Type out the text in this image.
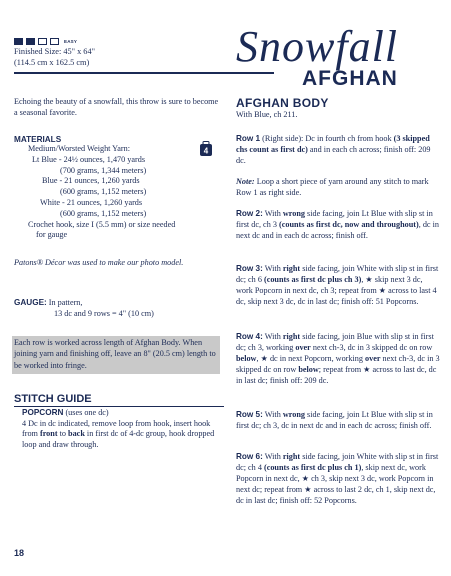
EASY
Finished Size: 45" x 64"
(114.5 cm x 162.5 cm)	Snowfall
AFGHAN
Echoing the beauty of a snowfall, this throw is sure to become a seasonal favorite.
MATERIALS
Medium/Worsted Weight Yarn:
Lt Blue - 24½ ounces, 1,470 yards
(700 grams, 1,344 meters)
Blue - 21 ounces, 1,260 yards
(600 grams, 1,152 meters)
White - 21 ounces, 1,260 yards
(600 grams, 1,152 meters)
Crochet hook, size I (5.5 mm) or size needed
for gauge
4
Patons® Décor was used to make our photo model.
GAUGE: In pattern,
13 dc and 9 rows = 4" (10 cm)
Each row is worked across length of Afghan Body. When joining yarn and finishing off, leave an 8" (20.5 cm) length to be worked into fringe.
STITCH GUIDE
POPCORN (uses one dc)
4 Dc in dc indicated, remove loop from hook, insert hook from front to back in first dc of 4-dc group, hook dropped loop and draw through.
18
AFGHAN BODY
With Blue, ch 211.
Row 1 (Right side): Dc in fourth ch from hook (3 skipped chs count as first dc) and in each ch across; finish off: 209 dc.
Note: Loop a short piece of yarn around any stitch to mark Row 1 as right side.
Row 2: With wrong side facing, join Lt Blue with slip st in first dc, ch 3 (counts as first dc, now and throughout), dc in next dc and in each dc across; finish off.
Row 3: With right side facing, join White with slip st in first dc; ch 6 (counts as first dc plus ch 3), ★ skip next 3 dc, work Popcorn in next dc, ch 3; repeat from ★ across to last 4 dc, skip next 3 dc, dc in last dc; finish off: 51 Popcorns.
Row 4: With right side facing, join Blue with slip st in first dc; ch 3, working over next ch-3, dc in 3 skipped dc on row below, ★ dc in next Popcorn, working over next ch-3, dc in 3 skipped dc on row below; repeat from ★ across to last dc, dc in last dc; finish off: 209 dc.
Row 5: With wrong side facing, join Lt Blue with slip st in first dc; ch 3, dc in next dc and in each dc across; finish off.
Row 6: With right side facing, join White with slip st in first dc; ch 4 (counts as first dc plus ch 1), skip next dc, work Popcorn in next dc, ★ ch 3, skip next 3 dc, work Popcorn in next dc; repeat from ★ across to last 2 dc, ch 1, skip next dc, dc in last dc; finish off: 52 Popcorns.
